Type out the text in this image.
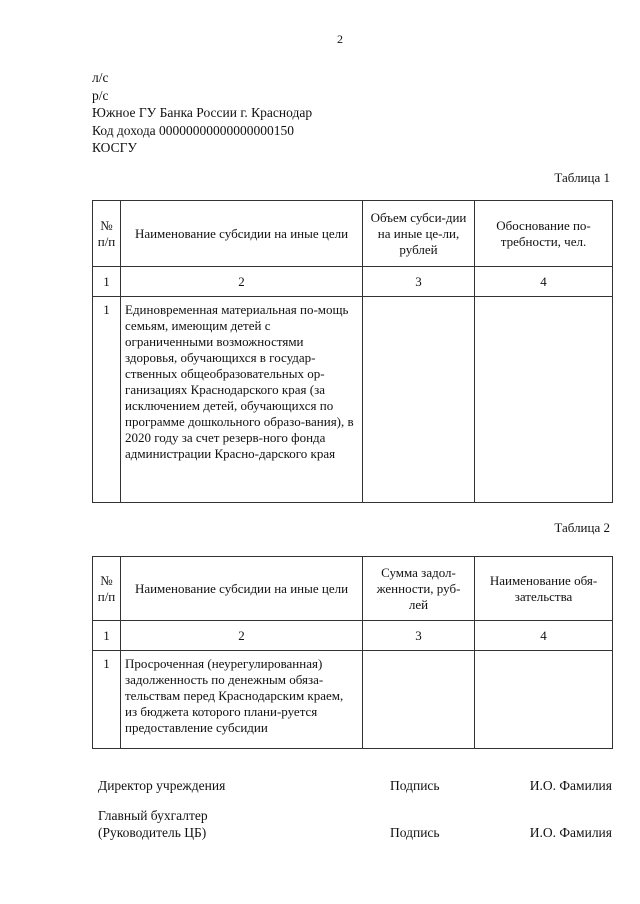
2
л/с
р/с
Южное ГУ Банка России г. Краснодар
Код дохода 00000000000000000150
КОСГУ
Таблица 1
№ п/п	Наименование субсидии на иные цели	Объем субси-дии на иные це-ли, рублей	Обоснование по-требности, чел.
1	2	3	4
1	Единовременная материальная по-мощь семьям, имеющим детей с ограниченными возможностями здоровья, обучающихся в государ-ственных общеобразовательных ор-ганизациях Краснодарского края (за исключением детей, обучающихся по программе дошкольного образо-вания), в 2020 году за счет резерв-ного фонда администрации Красно-дарского края		
Таблица 2
№ п/п	Наименование субсидии на иные цели	Сумма задол-женности, руб-лей	Наименование обя-зательства
1	2	3	4
1	Просроченная (неурегулированная) задолженность по денежным обяза-тельствам перед Краснодарским краем, из бюджета которого плани-руется предоставление субсидии		
Директор учреждения	Подпись	И.О. Фамилия
Главный бухгалтер
(Руководитель ЦБ)	Подпись	И.О. Фамилия
